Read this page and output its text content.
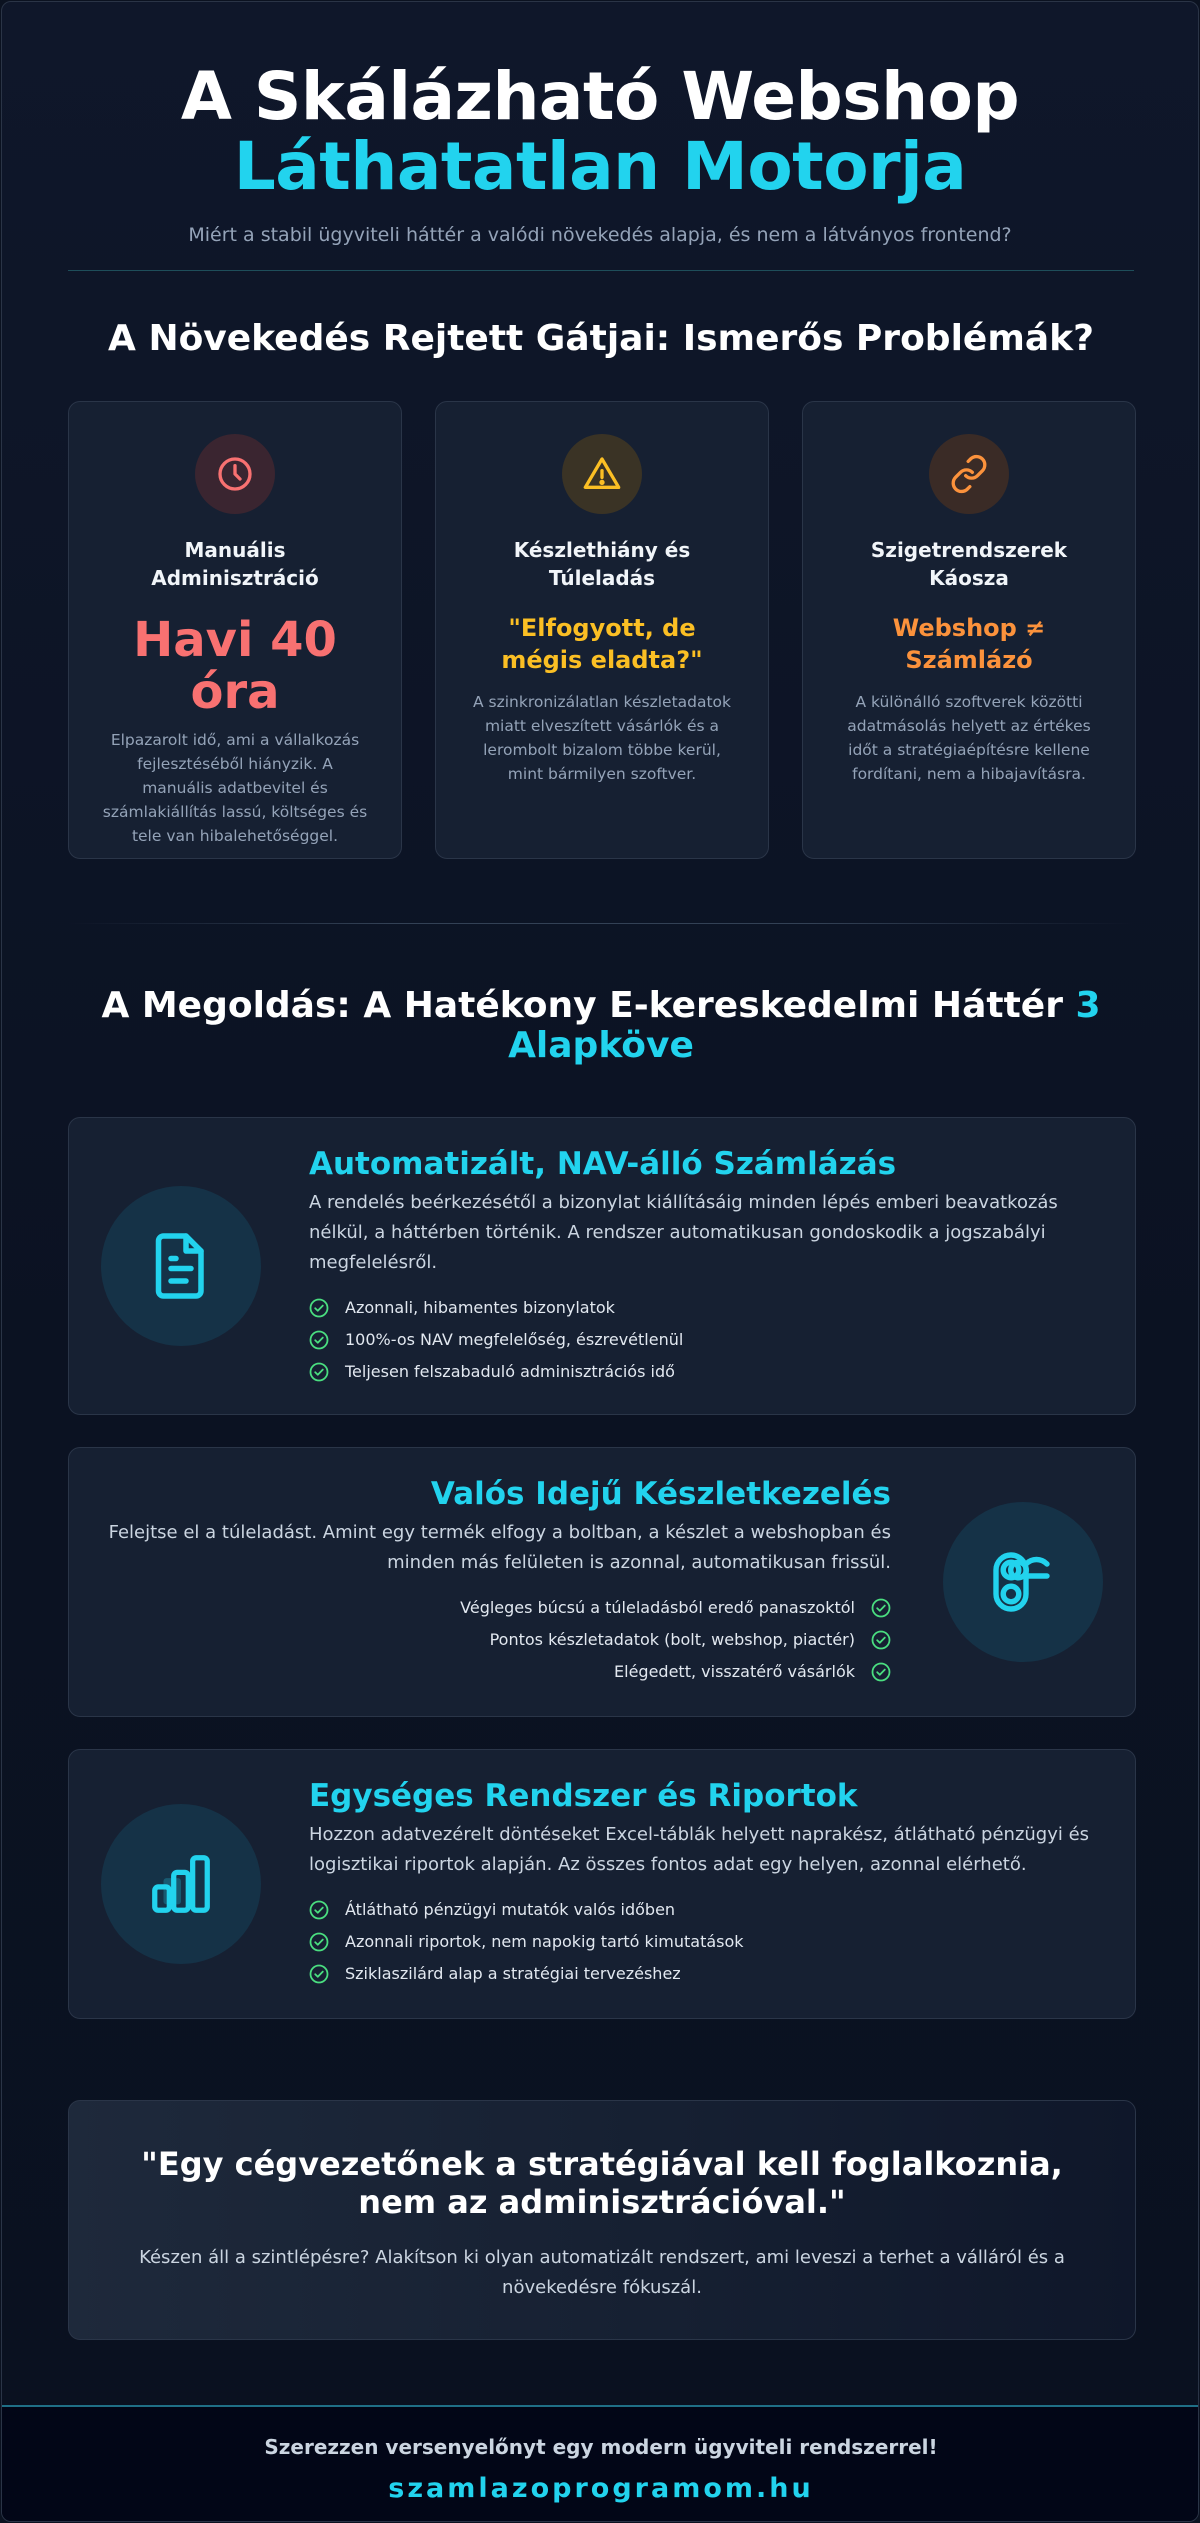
A Skálázható Webshop
Láthatatlan Motorja

Miért a stabil ügyviteli háttér a valódi növekedés alapja, és nem a látványos frontend?

A Növekedés Rejtett Gátjai: Ismerős Problémák?
Manuális Adminisztráció
Havi 40 óra

Elpazarolt idő, ami a vállalkozás fejlesztéséből hiányzik. A manuális adatbevitel és számlakiállítás lassú, költséges és tele van hibalehetőséggel.

Készlethiány és Túleladás
"Elfogyott, de mégis eladta?"

A szinkronizálatlan készletadatok miatt elveszített vásárlók és a lerombolt bizalom többe kerül, mint bármilyen szoftver.

Szigetrendszerek Káosza
Webshop ≠ Számlázó

A különálló szoftverek közötti adatmásolás helyett az értékes időt a stratégiaépítésre kellene fordítani, nem a hibajavításra.

A Megoldás: A Hatékony E-kereskedelmi Háttér 3 Alapköve
Automatizált, NAV-álló Számlázás

A rendelés beérkezésétől a bizonylat kiállításáig minden lépés emberi beavatkozás nélkül, a háttérben történik. A rendszer automatikusan gondoskodik a jogszabályi megfelelésről.

Azonnali, hibamentes bizonylatok
100%-os NAV megfelelőség, észrevétlenül
Teljesen felszabaduló adminisztrációs idő
Valós Idejű Készletkezelés

Felejtse el a túleladást. Amint egy termék elfogy a boltban, a készlet a webshopban és minden más felületen is azonnal, automatikusan frissül.

Végleges búcsú a túleladásból eredő panaszoktól
Pontos készletadatok (bolt, webshop, piactér)
Elégedett, visszatérő vásárlók
Egységes Rendszer és Riportok

Hozzon adatvezérelt döntéseket Excel-táblák helyett naprakész, átlátható pénzügyi és logisztikai riportok alapján. Az összes fontos adat egy helyen, azonnal elérhető.

Átlátható pénzügyi mutatók valós időben
Azonnali riportok, nem napokig tartó kimutatások
Sziklaszilárd alap a stratégiai tervezéshez
"Egy cégvezetőnek a stratégiával kell foglalkoznia,
nem az adminisztrációval."

Készen áll a szintlépésre? Alakítson ki olyan automatizált rendszert, ami leveszi a terhet a válláról és a növekedésre fókuszál.

Szerezzen versenyelőnyt egy modern ügyviteli rendszerrel!
szamlazoprogramom.hu
